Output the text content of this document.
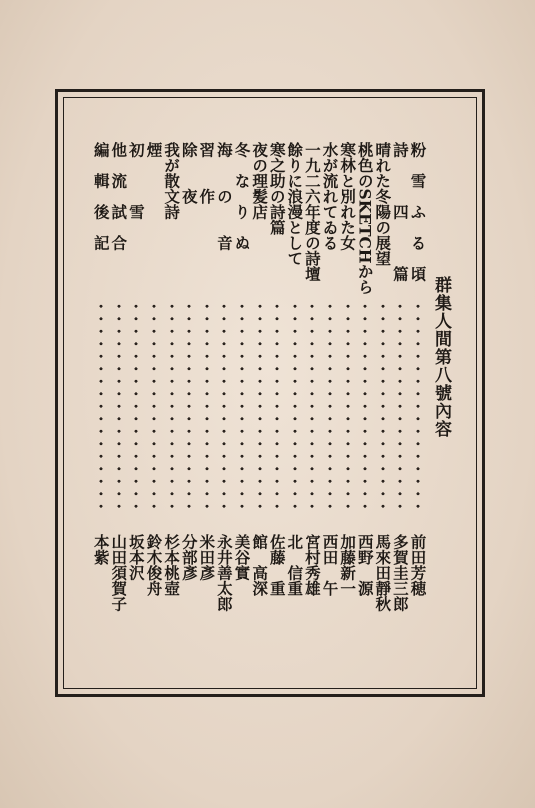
群集人間第八號內容
粉　雪　ふ　る　頃
前田芳穂
詩　　　四　　　篇
多賀圭三郎
晴れた冬陽の展望
馬來田靜秋
桃色のSKETCHから
西野　源
寒林と別れた女
加藤新一
水が流れてゐる
西田　午
一九二六年度の詩壇
宮村秀雄
餘りに浪漫として
北　信重
寒之助の詩篇
佐藤　重
夜の理髪店
館　高深
冬　な　り　ぬ
美谷實
海　　の　　音
永井善太郎
習　　作
米田彥
除　　夜
分部彥
我が散文詩
杉本桃壺
煙
鈴木俊舟
初　　　雪
坂本沢
他　流　試　合
山田須賀子
編　輯　後　記
本紫
